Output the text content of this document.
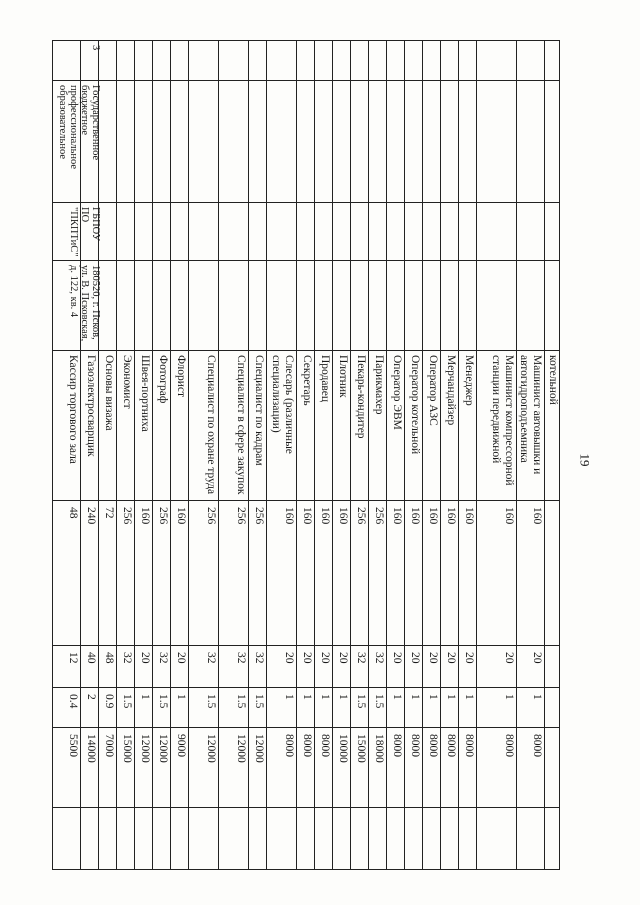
19
котельной
Машинист автовышки и автогидроподъемника
160
20
1
8000
Машинист компрессорной станции передвижной
160
20
1
8000
Менеджер
160
20
1
8000
Мерчандайзер
160
20
1
8000
Оператор АЗС
160
20
1
8000
Оператор котельной
160
20
1
8000
Оператор ЭВМ
160
20
1
8000
Парикмахер
256
32
1.5
18000
Пекарь-кондитер
256
32
1.5
15000
Плотник
160
20
1
10000
Продавец
160
20
1
8000
Секретарь
160
20
1
8000
Слесарь (различные специализации)
160
20
1
8000
Специалист по кадрам
256
32
1.5
12000
Специалист в сфере закупок
256
32
1.5
12000
Специалист по охране труда
256
32
1.5
12000
Флорист
160
20
1
9000
Фотограф
256
32
1.5
12000
Швея-портниха
160
20
1
12000
Экономист
256
32
1.5
15000
Основы визажа
72
48
0.9
7000
Газоэлектросварщик
240
40
2
14000
Кассир торгового зала
48
12
0.4
5500
3
Государственное бюджетное профессиональное образовательное
ГБПОУ ПО "ПКПТиС"
180520, г. Псков, ул. В. Псковская, д. 122, кв. 4
